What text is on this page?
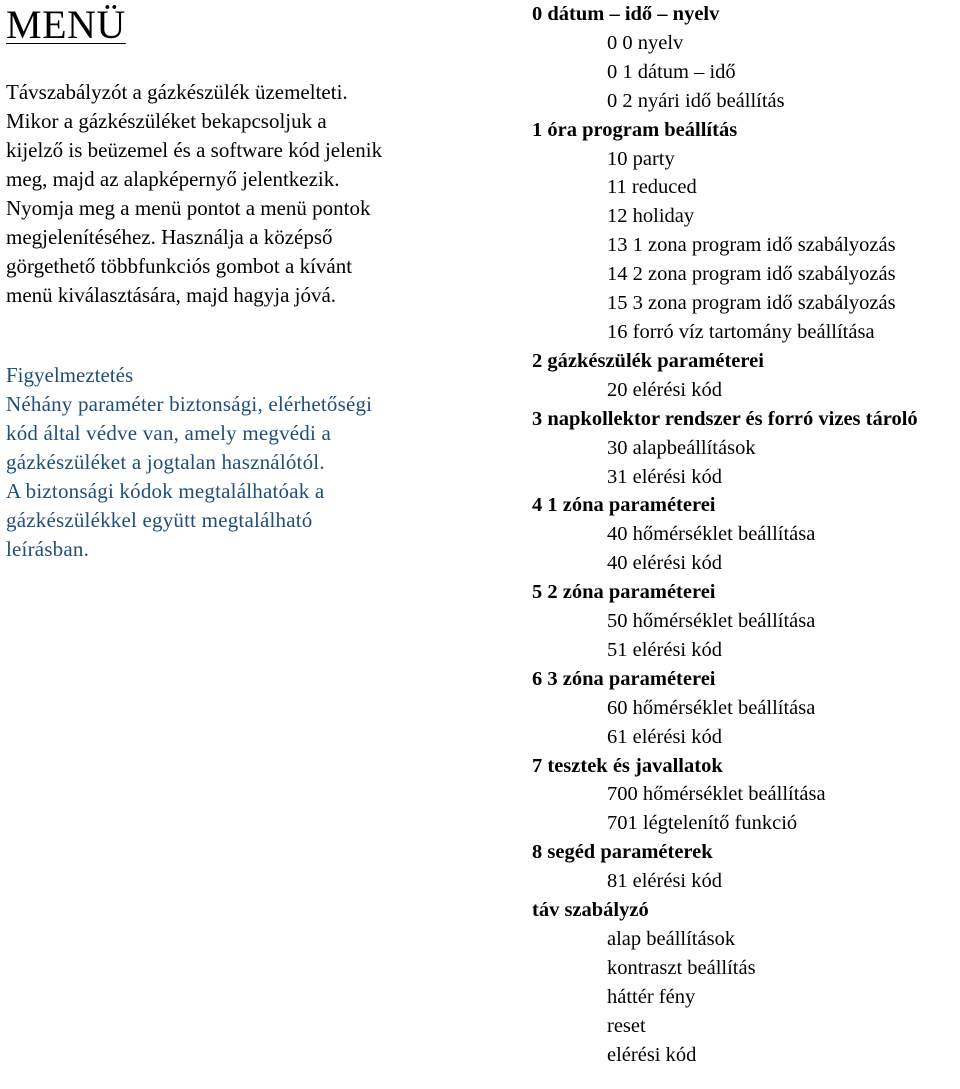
MENÜ
Távszabályzót a gázkészülék üzemelteti.
Mikor a gázkészüléket bekapcsoljuk a
kijelző is beüzemel és a software kód jelenik
meg, majd az alapképernyő jelentkezik.
Nyomja meg a menü pontot a menü pontok
megjelenítéséhez. Használja a középső
görgethető többfunkciós gombot a kívánt
menü kiválasztására, majd hagyja jóvá.
Figyelmeztetés
Néhány paraméter biztonsági, elérhetőségi
kód által védve van, amely megvédi a
gázkészüléket a jogtalan használótól.
A biztonsági kódok megtalálhatóak a
gázkészülékkel együtt megtalálható
leírásban.
0 dátum – idő – nyelv
0 0 nyelv
0 1 dátum – idő
0 2 nyári idő beállítás
1 óra program beállítás
10 party
11 reduced
12 holiday
13 1 zona program idő szabályozás
14 2 zona program idő szabályozás
15 3 zona program idő szabályozás
16 forró víz tartomány beállítása
2 gázkészülék paraméterei
20 elérési kód
3 napkollektor rendszer és forró vizes tároló
30 alapbeállítások
31 elérési kód
4 1 zóna paraméterei
40 hőmérséklet beállítása
40 elérési kód
5 2 zóna paraméterei
50 hőmérséklet beállítása
51 elérési kód
6 3 zóna paraméterei
60 hőmérséklet beállítása
61 elérési kód
7 tesztek és javallatok
700 hőmérséklet beállítása
701 légtelenítő funkció
8 segéd paraméterek
81 elérési kód
táv szabályzó
alap beállítások
kontraszt beállítás
háttér fény
reset
elérési kód
